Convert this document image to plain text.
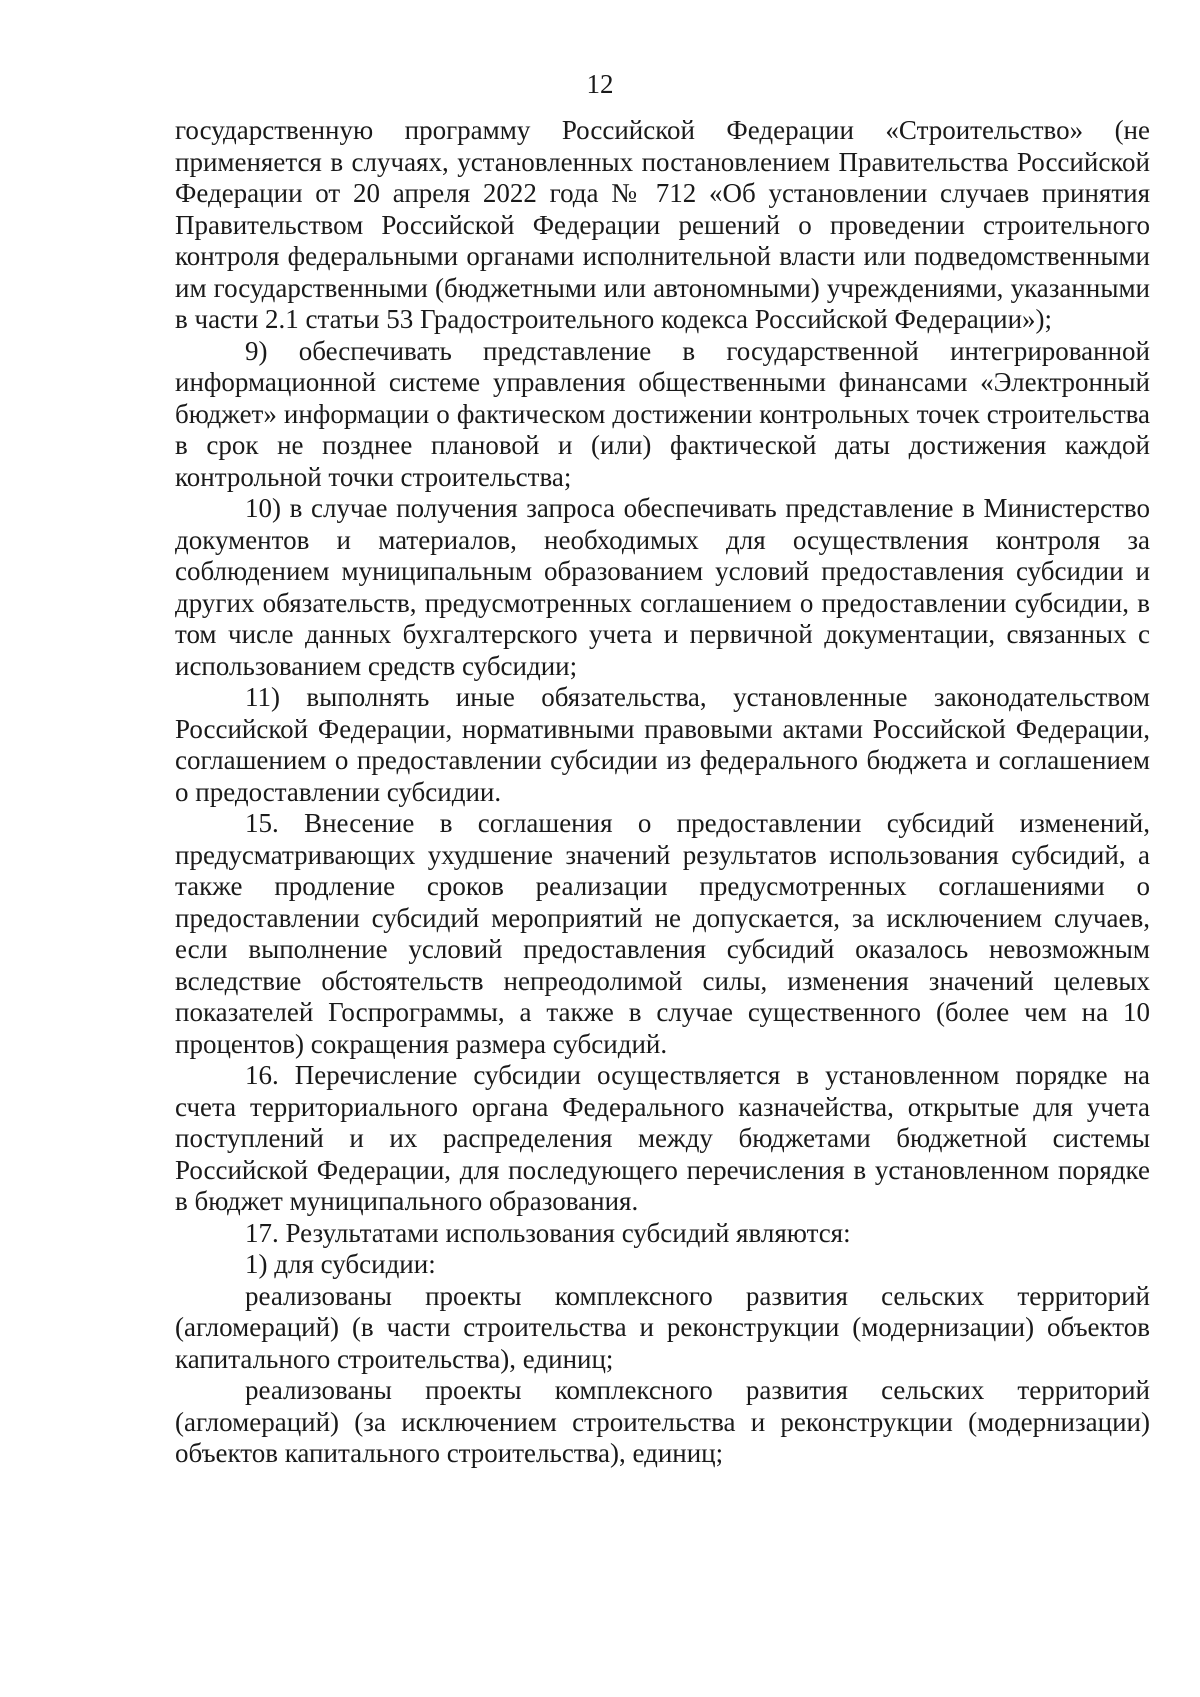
12

государственную программу Российской Федерации «Строительство» (не применяется в случаях, установленных постановлением Правительства Российской Федерации от 20 апреля 2022 года № 712 «Об установлении случаев принятия Правительством Российской Федерации решений о проведении строительного контроля федеральными органами исполнительной власти или подведомственными им государственными (бюджетными или автономными) учреждениями, указанными в части 2.1 статьи 53 Градостроительного кодекса Российской Федерации»);

9) обеспечивать представление в государственной интегрированной информационной системе управления общественными финансами «Электронный бюджет» информации о фактическом достижении контрольных точек строительства в срок не позднее плановой и (или) фактической даты достижения каждой контрольной точки строительства;

10) в случае получения запроса обеспечивать представление в Министерство документов и материалов, необходимых для осуществления контроля за соблюдением муниципальным образованием условий предоставления субсидии и других обязательств, предусмотренных соглашением о предоставлении субсидии, в том числе данных бухгалтерского учета и первичной документации, связанных с использованием средств субсидии;

11) выполнять иные обязательства, установленные законодательством Российской Федерации, нормативными правовыми актами Российской Федерации, соглашением о предоставлении субсидии из федерального бюджета и соглашением о предоставлении субсидии.

15. Внесение в соглашения о предоставлении субсидий изменений, предусматривающих ухудшение значений результатов использования субсидий, а также продление сроков реализации предусмотренных соглашениями о предоставлении субсидий мероприятий не допускается, за исключением случаев, если выполнение условий предоставления субсидий оказалось невозможным вследствие обстоятельств непреодолимой силы, изменения значений целевых показателей Госпрограммы, а также в случае существенного (более чем на 10 процентов) сокращения размера субсидий.

16. Перечисление субсидии осуществляется в установленном порядке на счета территориального органа Федерального казначейства, открытые для учета поступлений и их распределения между бюджетами бюджетной системы Российской Федерации, для последующего перечисления в установленном порядке в бюджет муниципального образования.

17. Результатами использования субсидий являются:

1) для субсидии:

реализованы проекты комплексного развития сельских территорий (агломераций) (в части строительства и реконструкции (модернизации) объектов капитального строительства), единиц;

реализованы проекты комплексного развития сельских территорий (агломераций) (за исключением строительства и реконструкции (модернизации) объектов капитального строительства), единиц;
